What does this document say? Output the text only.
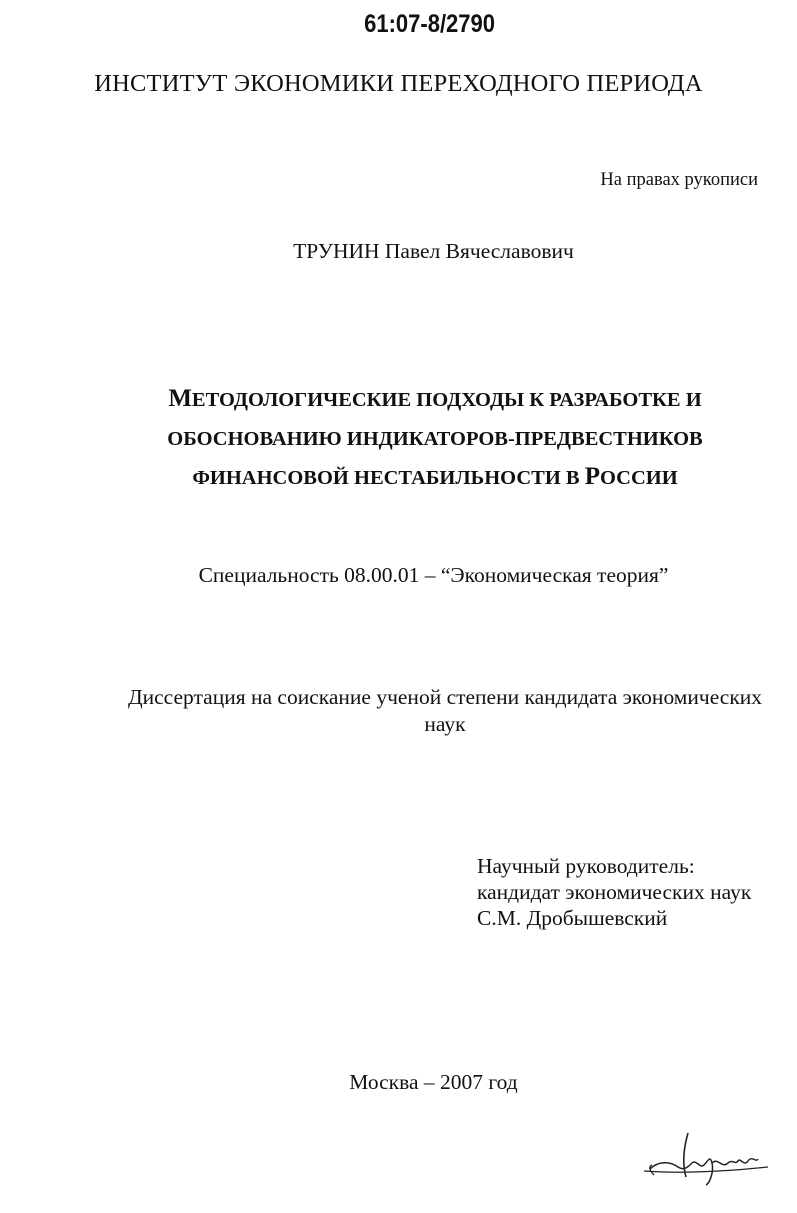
61:07-8/2790
ИНСТИТУТ ЭКОНОМИКИ ПЕРЕХОДНОГО ПЕРИОДА
На правах рукописи
ТРУНИН Павел Вячеславович
МЕТОДОЛОГИЧЕСКИЕ ПОДХОДЫ К РАЗРАБОТКЕ И
ОБОСНОВАНИЮ ИНДИКАТОРОВ-ПРЕДВЕСТНИКОВ
ФИНАНСОВОЙ НЕСТАБИЛЬНОСТИ В РОССИИ
Специальность 08.00.01 – “Экономическая теория”
Диссертация на соискание ученой степени кандидата экономических
наук
Научный руководитель:
кандидат экономических наук
С.М. Дробышевский
Москва – 2007 год
